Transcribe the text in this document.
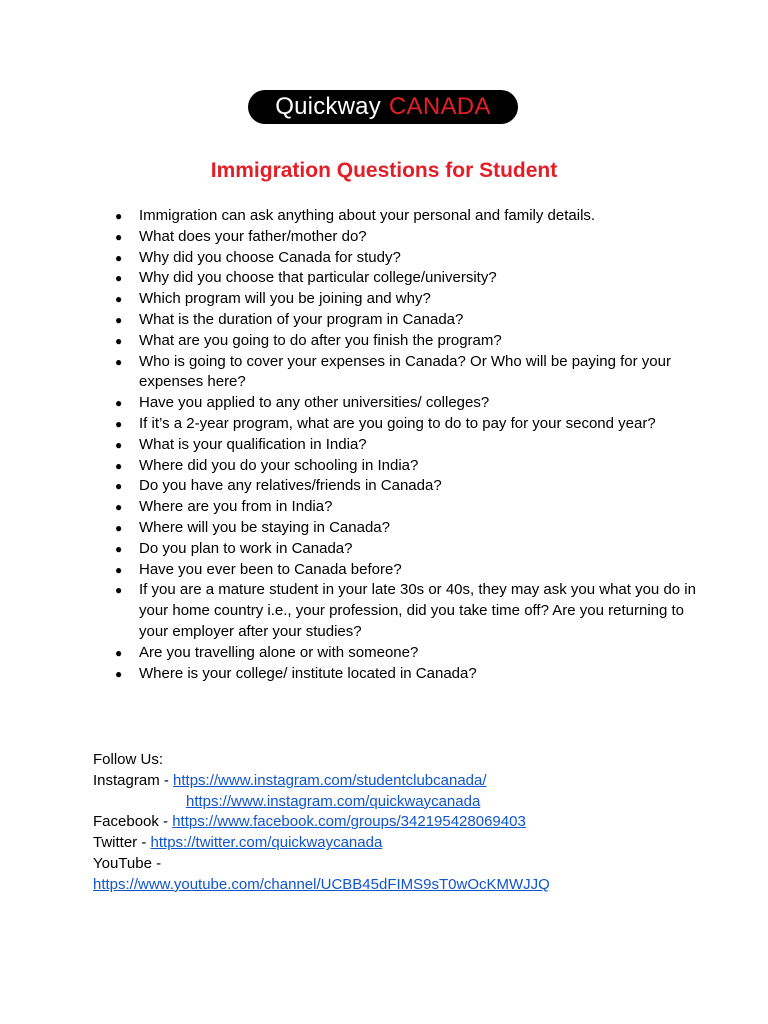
Quickway CANADA
Immigration Questions for Student
● Immigration can ask anything about your personal and family details.
● What does your father/mother do?
● Why did you choose Canada for study?
● Why did you choose that particular college/university?
● Which program will you be joining and why?
● What is the duration of your program in Canada?
● What are you going to do after you finish the program?
● Who is going to cover your expenses in Canada? Or Who will be paying for your expenses here?
● Have you applied to any other universities/ colleges?
● If it’s a 2-year program, what are you going to do to pay for your second year?
● What is your qualification in India?
● Where did you do your schooling in India?
● Do you have any relatives/friends in Canada?
● Where are you from in India?
● Where will you be staying in Canada?
● Do you plan to work in Canada?
● Have you ever been to Canada before?
● If you are a mature student in your late 30s or 40s, they may ask you what you do in your home country i.e., your profession, did you take time off? Are you returning to your employer after your studies?
● Are you travelling alone or with someone?
● Where is your college/ institute located in Canada?
Follow Us:
Instagram - https://www.instagram.com/studentclubcanada/
https://www.instagram.com/quickwaycanada
Facebook - https://www.facebook.com/groups/342195428069403
Twitter - https://twitter.com/quickwaycanada
YouTube -
https://www.youtube.com/channel/UCBB45dFIMS9sT0wOcKMWJJQ
